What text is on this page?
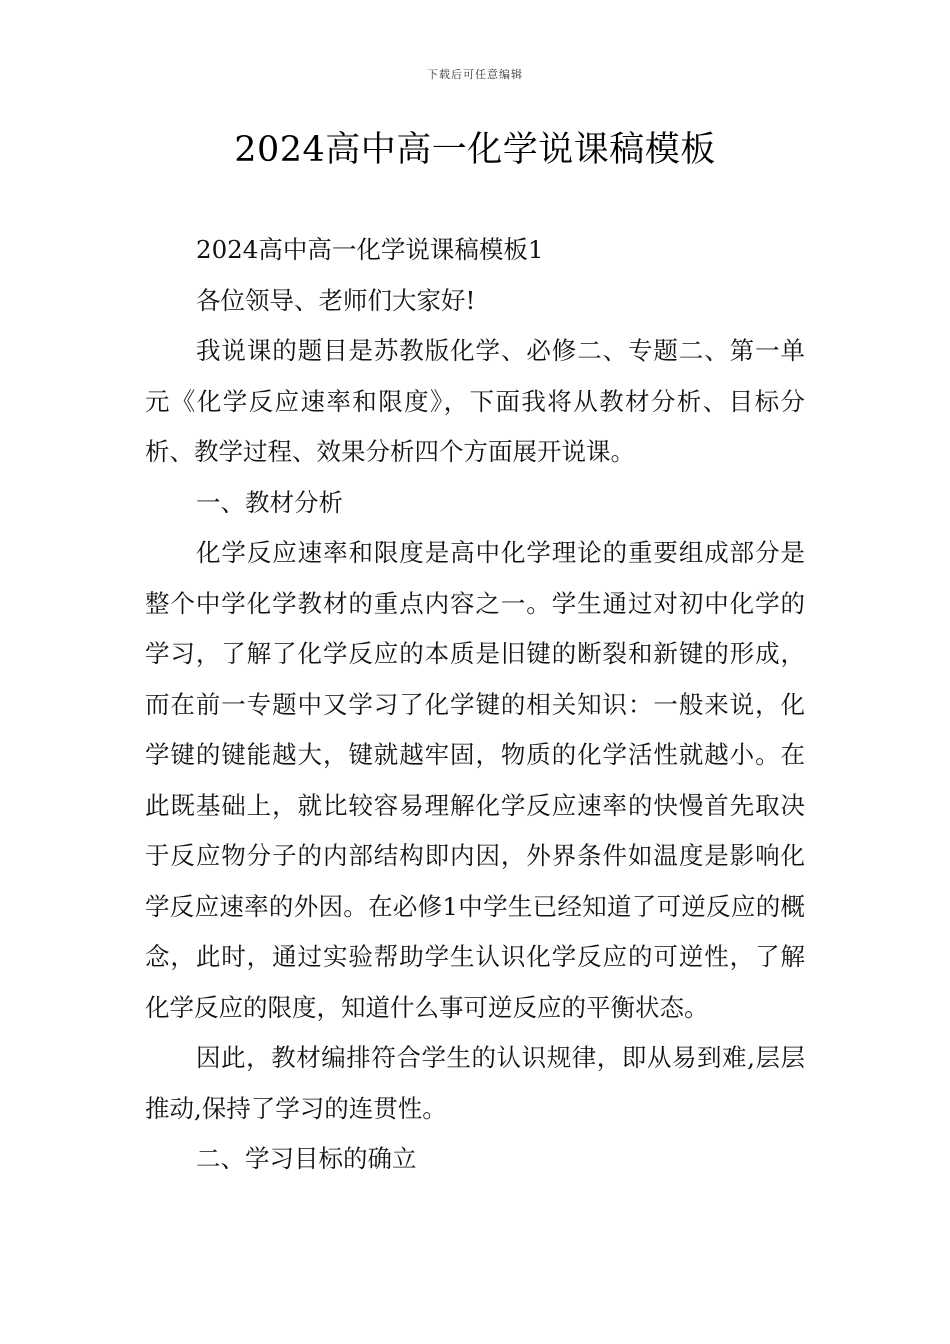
下载后可任意编辑
2024高中高一化学说课稿模板

2024高中高一化学说课稿模板1

各位领导、老师们大家好!

我说课的题目是苏教版化学、必修二、专题二、第一单元《化学反应速率和限度》，下面我将从教材分析、目标分析、教学过程、效果分析四个方面展开说课。

一、教材分析

化学反应速率和限度是高中化学理论的重要组成部分是整个中学化学教材的重点内容之一。学生通过对初中化学的学习，了解了化学反应的本质是旧键的断裂和新键的形成，而在前一专题中又学习了化学键的相关知识：一般来说，化学键的键能越大，键就越牢固，物质的化学活性就越小。在此既基础上，就比较容易理解化学反应速率的快慢首先取决于反应物分子的内部结构即内因，外界条件如温度是影响化学反应速率的外因。在必修1中学生已经知道了可逆反应的概念，此时，通过实验帮助学生认识化学反应的可逆性，了解化学反应的限度，知道什么事可逆反应的平衡状态。

因此，教材编排符合学生的认识规律，即从易到难,层层推动,保持了学习的连贯性。

二、学习目标的确立
